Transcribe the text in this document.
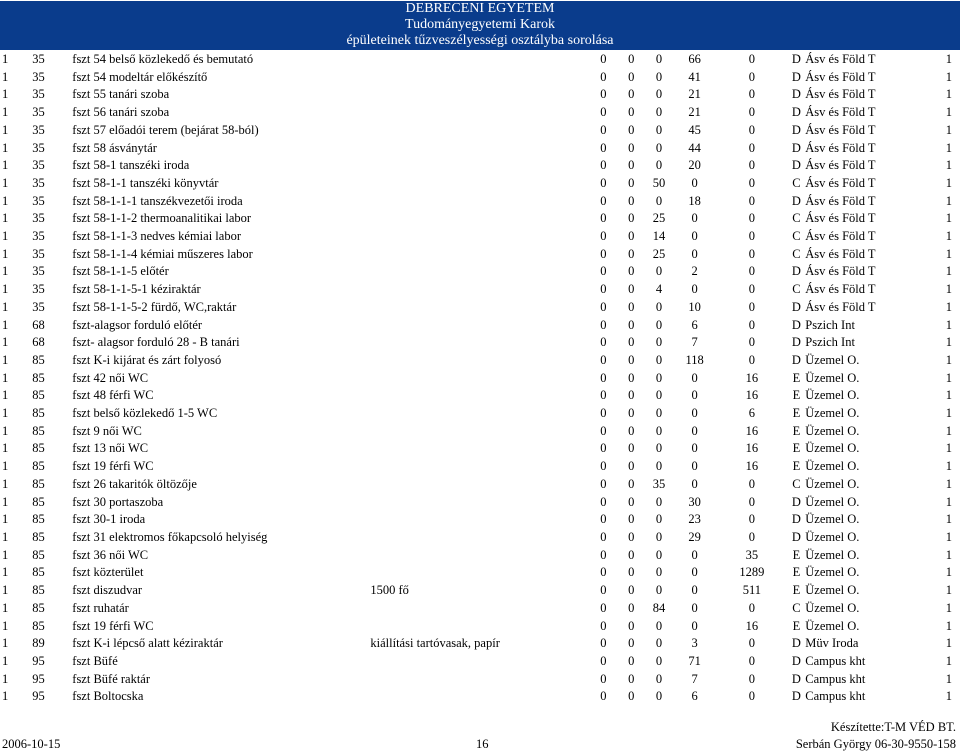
DEBRECENI EGYETEM
Tudományegyetemi Karok
épületeinek tűzveszélyességi osztályba sorolása
1	35	fszt 54 belső közlekedő és bemutató		0	0	0	66	0	D	Ásv és Föld T	1
1	35	fszt 54 modeltár előkészítő		0	0	0	41	0	D	Ásv és Föld T	1
1	35	fszt 55 tanári szoba		0	0	0	21	0	D	Ásv és Föld T	1
1	35	fszt 56 tanári szoba		0	0	0	21	0	D	Ásv és Föld T	1
1	35	fszt 57 előadói terem (bejárat 58-ból)		0	0	0	45	0	D	Ásv és Föld T	1
1	35	fszt 58 ásványtár		0	0	0	44	0	D	Ásv és Föld T	1
1	35	fszt 58-1 tanszéki iroda		0	0	0	20	0	D	Ásv és Föld T	1
1	35	fszt 58-1-1 tanszéki könyvtár		0	0	50	0	0	C	Ásv és Föld T	1
1	35	fszt 58-1-1-1 tanszékvezetői iroda		0	0	0	18	0	D	Ásv és Föld T	1
1	35	fszt 58-1-1-2 thermoanalitikai labor		0	0	25	0	0	C	Ásv és Föld T	1
1	35	fszt 58-1-1-3 nedves kémiai labor		0	0	14	0	0	C	Ásv és Föld T	1
1	35	fszt 58-1-1-4 kémiai műszeres labor		0	0	25	0	0	C	Ásv és Föld T	1
1	35	fszt 58-1-1-5 előtér		0	0	0	2	0	D	Ásv és Föld T	1
1	35	fszt 58-1-1-5-1 kéziraktár		0	0	4	0	0	C	Ásv és Föld T	1
1	35	fszt 58-1-1-5-2 fürdő, WC,raktár		0	0	0	10	0	D	Ásv és Föld T	1
1	68	fszt-alagsor forduló előtér		0	0	0	6	0	D	Pszich Int	1
1	68	fszt- alagsor forduló 28 - B tanári		0	0	0	7	0	D	Pszich Int	1
1	85	fszt K-i kijárat és zárt folyosó		0	0	0	118	0	D	Üzemel O.	1
1	85	fszt 42 női WC		0	0	0	0	16	E	Üzemel O.	1
1	85	fszt 48 férfi WC		0	0	0	0	16	E	Üzemel O.	1
1	85	fszt belső közlekedő 1-5 WC		0	0	0	0	6	E	Üzemel O.	1
1	85	fszt 9 női WC		0	0	0	0	16	E	Üzemel O.	1
1	85	fszt 13 női WC		0	0	0	0	16	E	Üzemel O.	1
1	85	fszt 19 férfi WC		0	0	0	0	16	E	Üzemel O.	1
1	85	fszt 26 takaritók öltözője		0	0	35	0	0	C	Üzemel O.	1
1	85	fszt 30 portaszoba		0	0	0	30	0	D	Üzemel O.	1
1	85	fszt 30-1 iroda		0	0	0	23	0	D	Üzemel O.	1
1	85	fszt 31 elektromos főkapcsoló helyiség		0	0	0	29	0	D	Üzemel O.	1
1	85	fszt 36 női WC		0	0	0	0	35	E	Üzemel O.	1
1	85	fszt közterület		0	0	0	0	1289	E	Üzemel O.	1
1	85	fszt diszudvar	1500 fő	0	0	0	0	511	E	Üzemel O.	1
1	85	fszt ruhatár		0	0	84	0	0	C	Üzemel O.	1
1	85	fszt 19 férfi WC		0	0	0	0	16	E	Üzemel O.	1
1	89	fszt K-i lépcső alatt kéziraktár	kiállítási tartóvasak, papír	0	0	0	3	0	D	Müv Iroda	1
1	95	fszt Büfé		0	0	0	71	0	D	Campus kht	1
1	95	fszt Büfé raktár		0	0	0	7	0	D	Campus kht	1
1	95	fszt Boltocska		0	0	0	6	0	D	Campus kht	1
2006-10-15	16
Készítette:T-M VÉD BT.
Serbán György 06-30-9550-158
